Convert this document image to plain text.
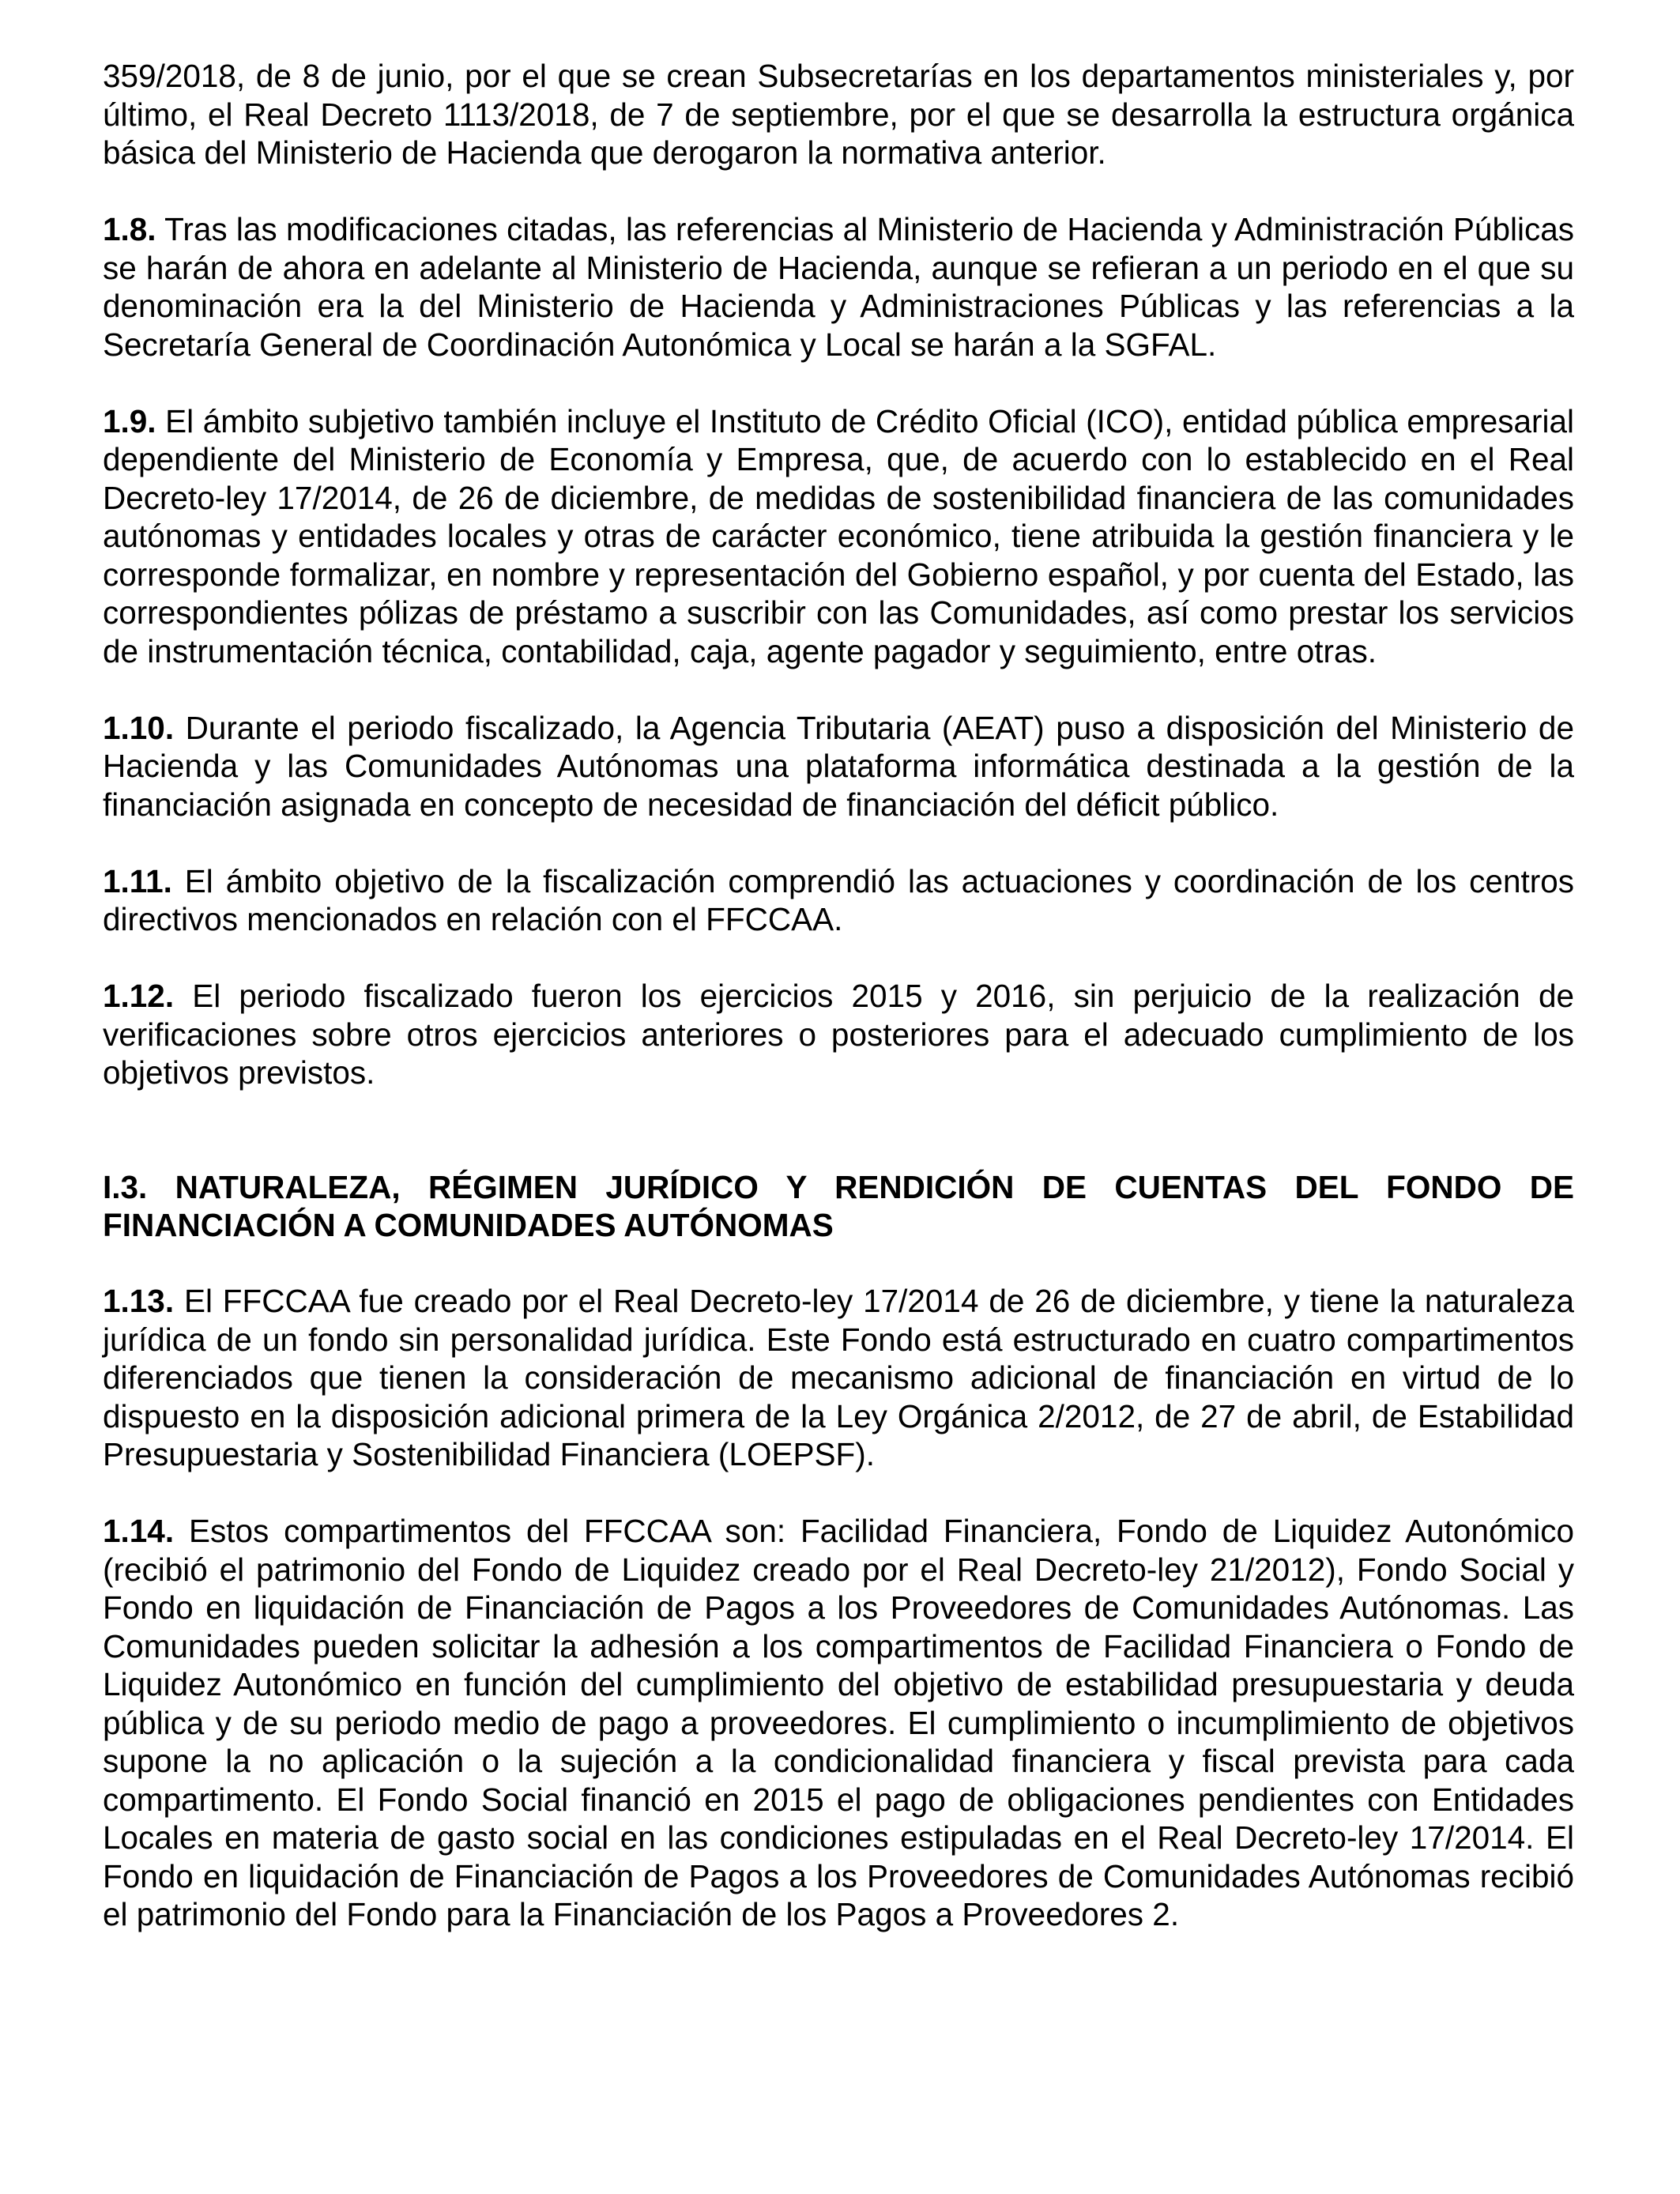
359/2018, de 8 de junio, por el que se crean Subsecretarías en los departamentos ministeriales y, por último, el Real Decreto 1113/2018, de 7 de septiembre, por el que se desarrolla la estructura orgánica básica del Ministerio de Hacienda que derogaron la normativa anterior.

1.8. Tras las modificaciones citadas, las referencias al Ministerio de Hacienda y Administración Públicas se harán de ahora en adelante al Ministerio de Hacienda, aunque se refieran a un periodo en el que su denominación era la del Ministerio de Hacienda y Administraciones Públicas y las referencias a la Secretaría General de Coordinación Autonómica y Local se harán a la SGFAL.

1.9. El ámbito subjetivo también incluye el Instituto de Crédito Oficial (ICO), entidad pública empresarial dependiente del Ministerio de Economía y Empresa, que, de acuerdo con lo establecido en el Real Decreto-ley 17/2014, de 26 de diciembre, de medidas de sostenibilidad financiera de las comunidades autónomas y entidades locales y otras de carácter económico, tiene atribuida la gestión financiera y le corresponde formalizar, en nombre y representación del Gobierno español, y por cuenta del Estado, las correspondientes pólizas de préstamo a suscribir con las Comunidades, así como prestar los servicios de instrumentación técnica, contabilidad, caja, agente pagador y seguimiento, entre otras.

1.10. Durante el periodo fiscalizado, la Agencia Tributaria (AEAT) puso a disposición del Ministerio de Hacienda y las Comunidades Autónomas una plataforma informática destinada a la gestión de la financiación asignada en concepto de necesidad de financiación del déficit público.

1.11. El ámbito objetivo de la fiscalización comprendió las actuaciones y coordinación de los centros directivos mencionados en relación con el FFCCAA.

1.12. El periodo fiscalizado fueron los ejercicios 2015 y 2016, sin perjuicio de la realización de verificaciones sobre otros ejercicios anteriores o posteriores para el adecuado cumplimiento de los objetivos previstos.

I.3. NATURALEZA, RÉGIMEN JURÍDICO Y RENDICIÓN DE CUENTAS DEL FONDO DE FINANCIACIÓN A COMUNIDADES AUTÓNOMAS

1.13. El FFCCAA fue creado por el Real Decreto-ley 17/2014 de 26 de diciembre, y tiene la naturaleza jurídica de un fondo sin personalidad jurídica. Este Fondo está estructurado en cuatro compartimentos diferenciados que tienen la consideración de mecanismo adicional de financiación en virtud de lo dispuesto en la disposición adicional primera de la Ley Orgánica 2/2012, de 27 de abril, de Estabilidad Presupuestaria y Sostenibilidad Financiera (LOEPSF).

1.14. Estos compartimentos del FFCCAA son: Facilidad Financiera, Fondo de Liquidez Autonómico (recibió el patrimonio del Fondo de Liquidez creado por el Real Decreto-ley 21/2012), Fondo Social y Fondo en liquidación de Financiación de Pagos a los Proveedores de Comunidades Autónomas. Las Comunidades pueden solicitar la adhesión a los compartimentos de Facilidad Financiera o Fondo de Liquidez Autonómico en función del cumplimiento del objetivo de estabilidad presupuestaria y deuda pública y de su periodo medio de pago a proveedores. El cumplimiento o incumplimiento de objetivos supone la no aplicación o la sujeción a la condicionalidad financiera y fiscal prevista para cada compartimento. El Fondo Social financió en 2015 el pago de obligaciones pendientes con Entidades Locales en materia de gasto social en las condiciones estipuladas en el Real Decreto-ley 17/2014. El Fondo en liquidación de Financiación de Pagos a los Proveedores de Comunidades Autónomas recibió el patrimonio del Fondo para la Financiación de los Pagos a Proveedores 2.
